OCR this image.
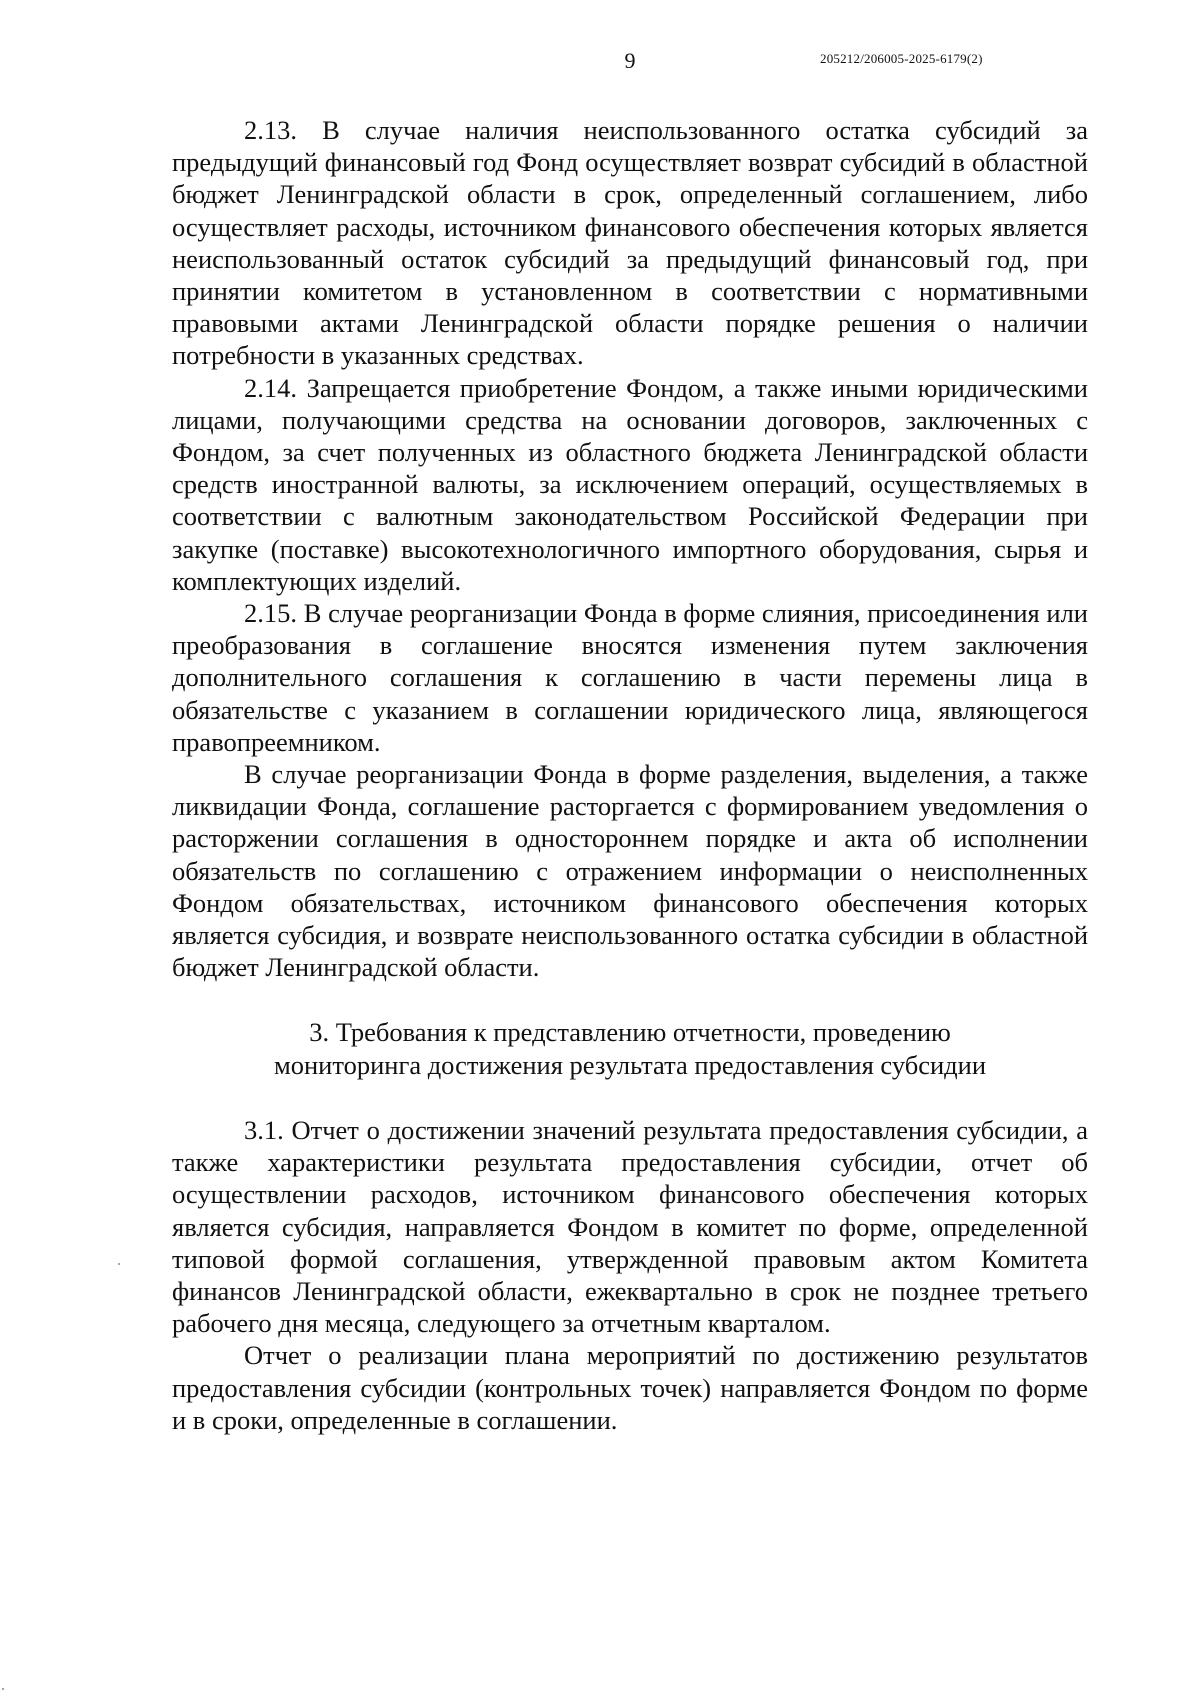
9	205212/206005-2025-6179(2)

2.13. В случае наличия неиспользованного остатка субсидий за предыдущий финансовый год Фонд осуществляет возврат субсидий в областной бюджет Ленинградской области в срок, определенный соглашением, либо осуществляет расходы, источником финансового обеспечения которых является неиспользованный остаток субсидий за предыдущий финансовый год, при принятии комитетом в установленном в соответствии с нормативными правовыми актами Ленинградской области порядке решения о наличии потребности в указанных средствах.

2.14. Запрещается приобретение Фондом, а также иными юридическими лицами, получающими средства на основании договоров, заключенных с Фондом, за счет полученных из областного бюджета Ленинградской области средств иностранной валюты, за исключением операций, осуществляемых в соответствии с валютным законодательством Российской Федерации при закупке (поставке) высокотехнологичного импортного оборудования, сырья и комплектующих изделий.

2.15. В случае реорганизации Фонда в форме слияния, присоединения или преобразования в соглашение вносятся изменения путем заключения дополнительного соглашения к соглашению в части перемены лица в обязательстве с указанием в соглашении юридического лица, являющегося правопреемником.

В случае реорганизации Фонда в форме разделения, выделения, а также ликвидации Фонда, соглашение расторгается с формированием уведомления о расторжении соглашения в одностороннем порядке и акта об исполнении обязательств по соглашению с отражением информации о неисполненных Фондом обязательствах, источником финансового обеспечения которых является субсидия, и возврате неиспользованного остатка субсидии в областной бюджет Ленинградской области.

3. Требования к представлению отчетности, проведению
мониторинга достижения результата предоставления субсидии

3.1. Отчет о достижении значений результата предоставления субсидии, а также характеристики результата предоставления субсидии, отчет об осуществлении расходов, источником финансового обеспечения которых является субсидия, направляется Фондом в комитет по форме, определенной типовой формой соглашения, утвержденной правовым актом Комитета финансов Ленинградской области, ежеквартально в срок не позднее третьего рабочего дня месяца, следующего за отчетным кварталом.

Отчет о реализации плана мероприятий по достижению результатов предоставления субсидии (контрольных точек) направляется Фондом по форме и в сроки, определенные в соглашении.
